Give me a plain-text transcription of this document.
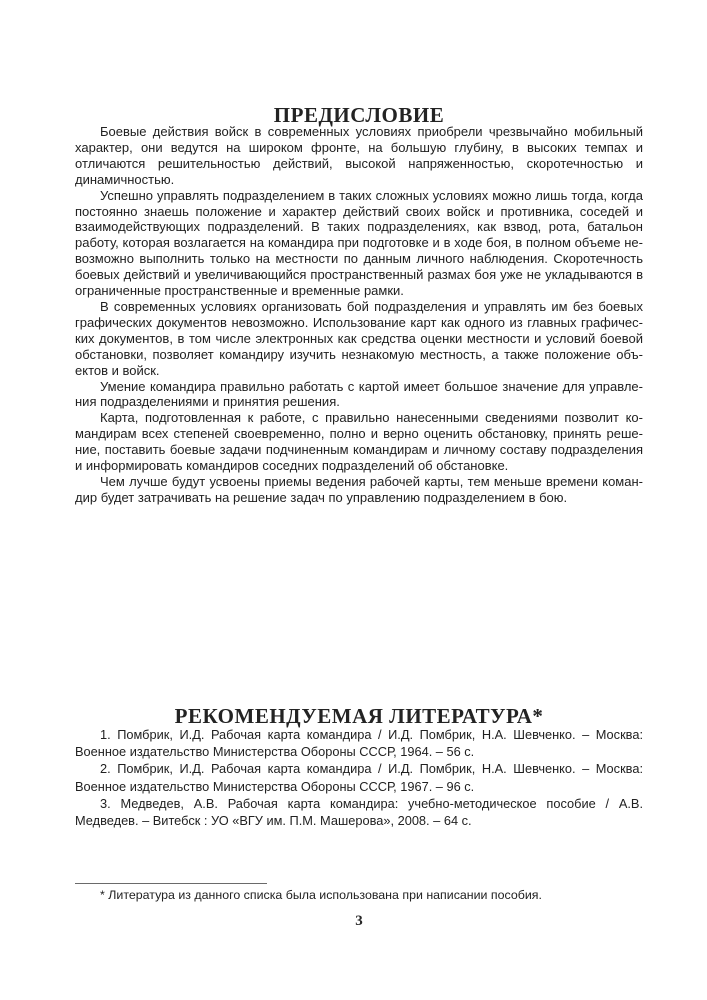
ПРЕДИСЛОВИЕ

Боевые действия войск в современных условиях приобрели чрезвычайно мобильный характер, они ведутся на широком фронте, на большую глубину, в высоких темпах и отличаются решительностью действий, высокой напряженностью, скоротечностью и динамичностью.

Успешно управлять подразделением в таких сложных условиях можно лишь тогда, когда постоянно знаешь положение и характер действий своих войск и противника, соседей и взаимодействующих подразделений. В таких подразделениях, как взвод, рота, батальон работу, которая возлагается на командира при подготовке и в ходе боя, в полном объеме невозможно выполнить только на местности по данным личного наблюдения. Скоротечность боевых действий и увеличивающийся пространственный размах боя уже не укладываются в ограниченные пространственные и временные рамки.

В современных условиях организовать бой подразделения и управлять им без боевых графических документов невозможно. Использование карт как одного из главных графических документов, в том числе электронных как средства оценки местности и условий боевой обстановки, позволяет командиру изучить незнакомую местность, а также положение объектов и войск.

Умение командира правильно работать с картой имеет большое значение для управления подразделениями и принятия решения.

Карта, подготовленная к работе, с правильно нанесенными сведениями позволит командирам всех степеней своевременно, полно и верно оценить обстановку, принять решение, поставить боевые задачи подчиненным командирам и личному составу подразделения и информировать командиров соседних подразделений об обстановке.

Чем лучше будут усвоены приемы ведения рабочей карты, тем меньше времени командир будет затрачивать на решение задач по управлению подразделением в бою.

РЕКОМЕНДУЕМАЯ ЛИТЕРАТУРА*

1. Помбрик, И.Д. Рабочая карта командира / И.Д. Помбрик, Н.А. Шевченко. – Москва: Военное издательство Министерства Обороны СССР, 1964. – 56 с.

2. Помбрик, И.Д. Рабочая карта командира / И.Д. Помбрик, Н.А. Шевченко. – Москва: Военное издательство Министерства Обороны СССР, 1967. – 96 с.

3. Медведев, А.В. Рабочая карта командира: учебно-методическое пособие / А.В. Медведев. – Витебск : УО «ВГУ им. П.М. Машерова», 2008. – 64 с.

* Литература из данного списка была использована при написании пособия.
3
